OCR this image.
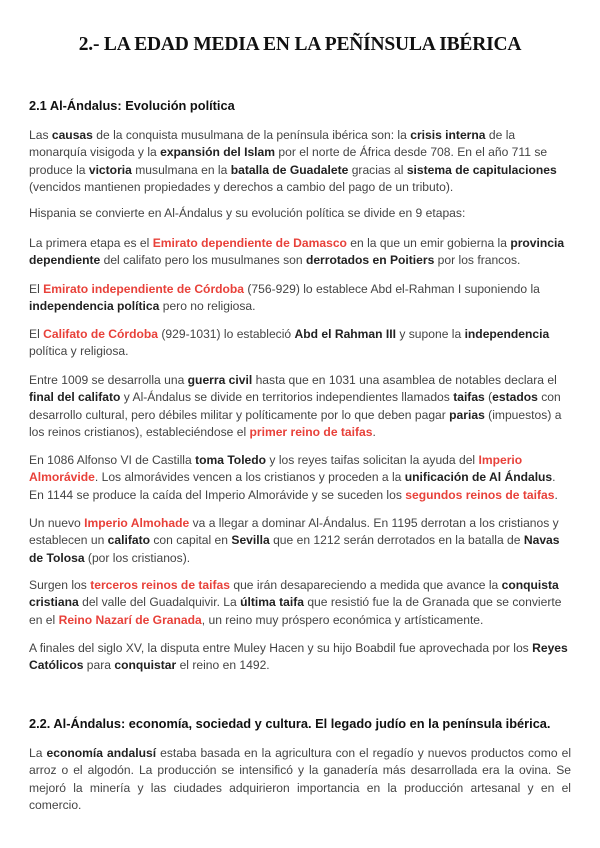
2.- LA EDAD MEDIA EN LA PEÑÍNSULA IBÉRICA
2.1 Al-Ándalus: Evolución política

Las causas de la conquista musulmana de la península ibérica son: la crisis interna de la monarquía visigoda y la expansión del Islam por el norte de África desde 708. En el año 711 se produce la victoria musulmana en la batalla de Guadalete gracias al sistema de capitulaciones (vencidos mantienen propiedades y derechos a cambio del pago de un tributo).

Hispania se convierte en Al-Ándalus y su evolución política se divide en 9 etapas:

La primera etapa es el Emirato dependiente de Damasco en la que un emir gobierna la provincia dependiente del califato pero los musulmanes son derrotados en Poitiers por los francos.

El Emirato independiente de Córdoba (756-929) lo establece Abd el-Rahman I suponiendo la independencia política pero no religiosa.

El Califato de Córdoba (929-1031) lo estableció Abd el Rahman III y supone la independencia política y religiosa.

Entre 1009 se desarrolla una guerra civil hasta que en 1031 una asamblea de notables declara el final del califato y Al-Ándalus se divide en territorios independientes llamados taifas (estados con desarrollo cultural, pero débiles militar y políticamente por lo que deben pagar parias (impuestos) a los reinos cristianos), estableciéndose el primer reino de taifas.

En 1086 Alfonso VI de Castilla toma Toledo y los reyes taifas solicitan la ayuda del Imperio Almorávide. Los almorávides vencen a los cristianos y proceden a la unificación de Al Ándalus. En 1144 se produce la caída del Imperio Almorávide y se suceden los segundos reinos de taifas.

Un nuevo Imperio Almohade va a llegar a dominar Al-Ándalus. En 1195 derrotan a los cristianos y establecen un califato con capital en Sevilla que en 1212 serán derrotados en la batalla de Navas de Tolosa (por los cristianos).

Surgen los terceros reinos de taifas que irán desapareciendo a medida que avance la conquista cristiana del valle del Guadalquivir. La última taifa que resistió fue la de Granada que se convierte en el Reino Nazarí de Granada, un reino muy próspero económica y artísticamente.

A finales del siglo XV, la disputa entre Muley Hacen y su hijo Boabdil fue aprovechada por los Reyes Católicos para conquistar el reino en 1492.

2.2. Al-Ándalus: economía, sociedad y cultura. El legado judío en la península ibérica.

La economía andalusí estaba basada en la agricultura con el regadío y nuevos productos como el arroz o el algodón. La producción se intensificó y la ganadería más desarrollada era la ovina. Se mejoró la minería y las ciudades adquirieron importancia en la producción artesanal y en el comercio.
